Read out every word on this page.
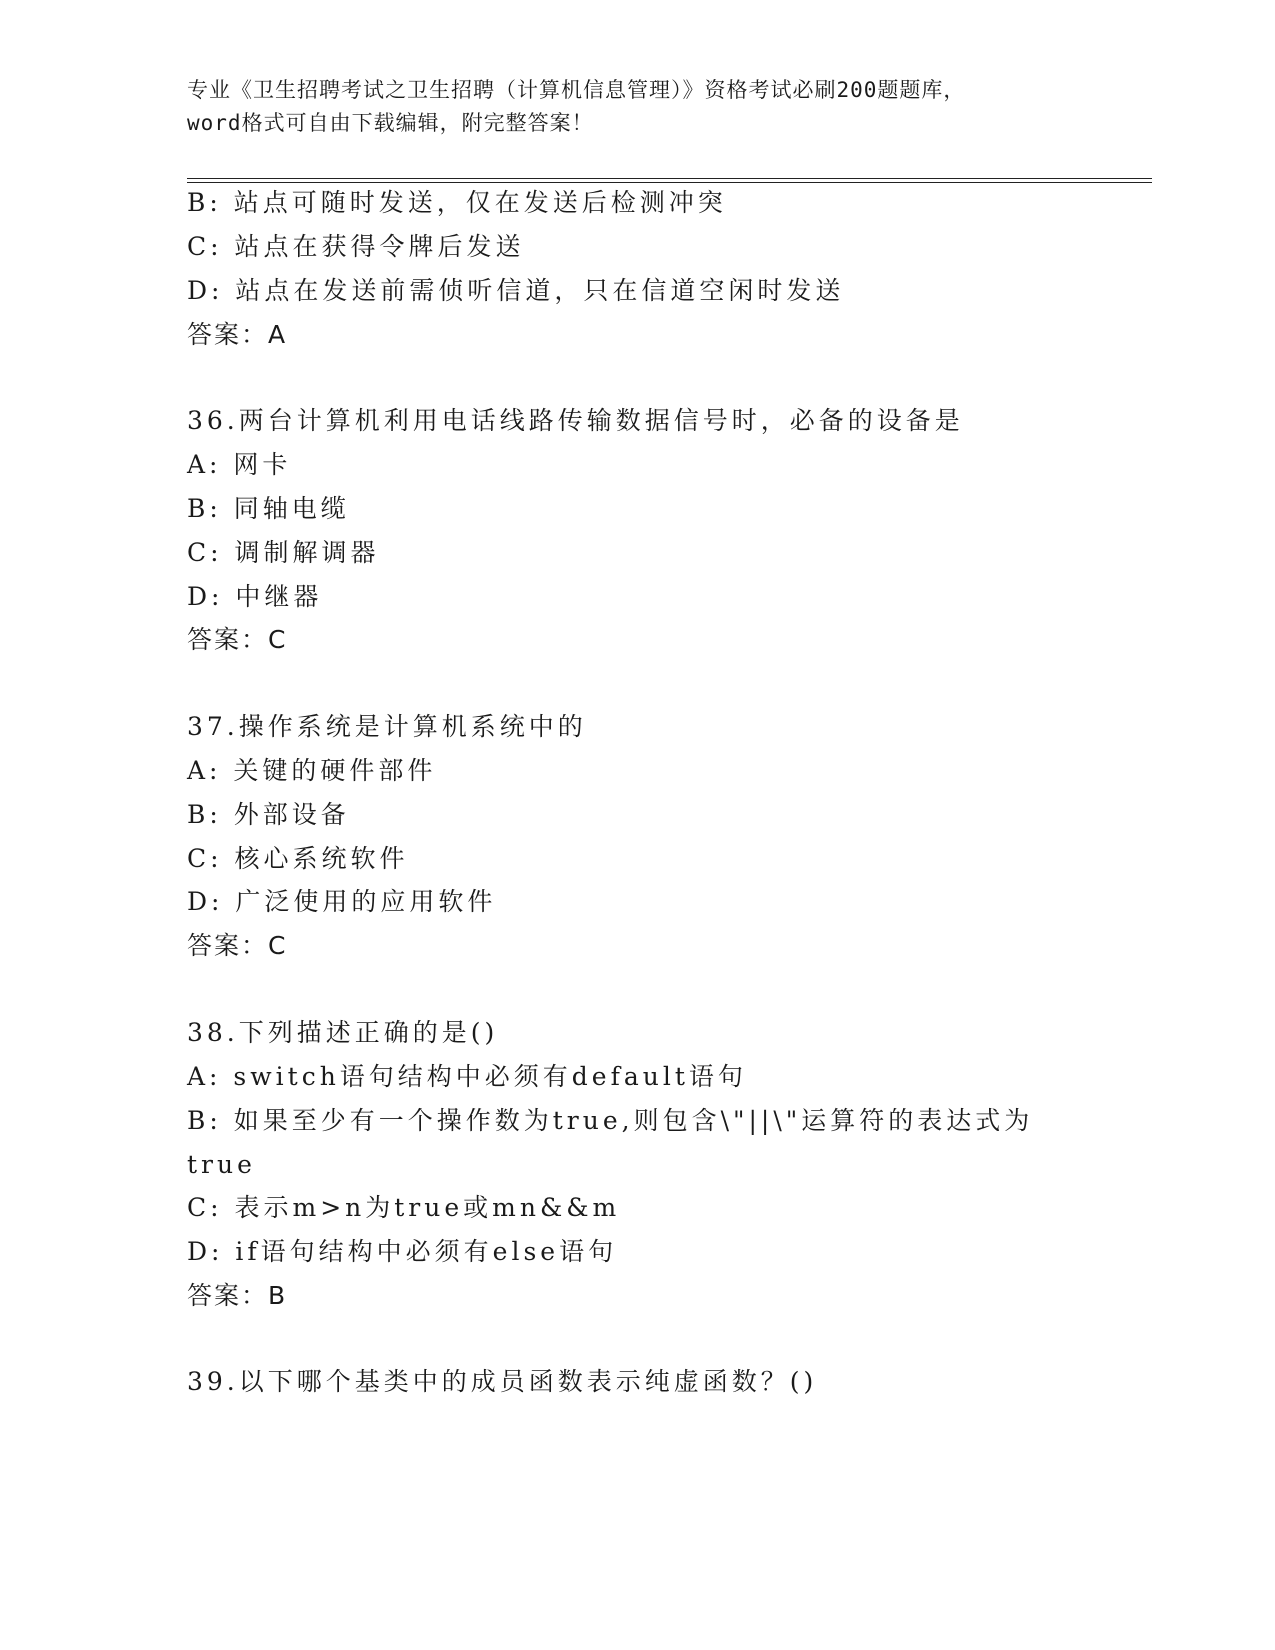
专业《卫生招聘考试之卫生招聘（计算机信息管理）》资格考试必刷200题题库，
word格式可自由下载编辑，附完整答案！
B: 站点可随时发送，仅在发送后检测冲突
C: 站点在获得令牌后发送
D: 站点在发送前需侦听信道，只在信道空闲时发送
答案：A
36.两台计算机利用电话线路传输数据信号时，必备的设备是
A: 网卡
B: 同轴电缆
C: 调制解调器
D: 中继器
答案：C
37.操作系统是计算机系统中的
A: 关键的硬件部件
B: 外部设备
C: 核心系统软件
D: 广泛使用的应用软件
答案：C
38.下列描述正确的是()
A: switch语句结构中必须有default语句
B: 如果至少有一个操作数为true,则包含\"||\"运算符的表达式为
true
C: 表示m>n为true或mn&&m
D: if语句结构中必须有else语句
答案：B
39.以下哪个基类中的成员函数表示纯虚函数？()
